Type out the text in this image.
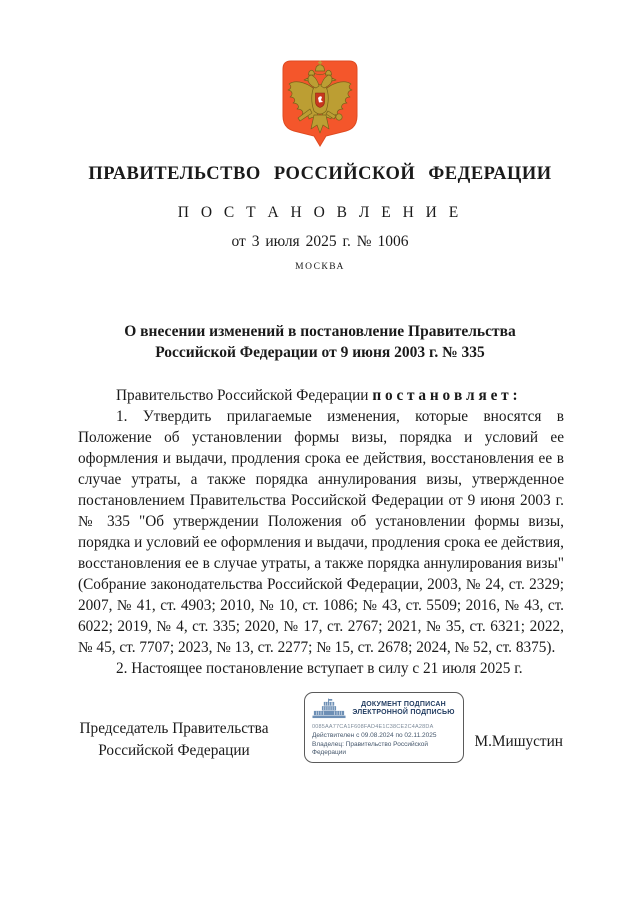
ПРАВИТЕЛЬСТВО РОССИЙСКОЙ ФЕДЕРАЦИИ
П О С Т А Н О В Л Е Н И Е
от 3 июля 2025 г. № 1006
МОСКВА
О внесении изменений в постановление Правительства
Российской Федерации от 9 июня 2003 г. № 335

Правительство Российской Федерации п о с т а н о в л я е т :

1. Утвердить прилагаемые изменения, которые вносятся в Положение об установлении формы визы, порядка и условий ее оформления и выдачи, продления срока ее действия, восстановления ее в случае утраты, а также порядка аннулирования визы, утвержденное постановлением Правительства Российской Федерации от 9 июня 2003 г. № 335 "Об утверждении Положения об установлении формы визы, порядка и условий ее оформления и выдачи, продления срока ее действия, восстановления ее в случае утраты, а также порядка аннулирования визы" (Собрание законодательства Российской Федерации, 2003, № 24, ст. 2329; 2007, № 41, ст. 4903; 2010, № 10, ст. 1086; № 43, ст. 5509; 2016, № 43, ст. 6022; 2019, № 4, ст. 335; 2020, № 17, ст. 2767; 2021, № 35, ст. 6321; 2022, № 45, ст. 7707; 2023, № 13, ст. 2277; № 15, ст. 2678; 2024, № 52, ст. 8375).

2. Настоящее постановление вступает в силу с 21 июля 2025 г.

Председатель Правительства
Российской Федерации
ДОКУМЕНТ ПОДПИСАН
ЭЛЕКТРОННОЙ ПОДПИСЬЮ
0085AA77CA1F608FAD4E1C38CE2C4A28DA
Действителен с 09.08.2024 по 02.11.2025
Владелец: Правительство Российской Федерации
М.Мишустин
